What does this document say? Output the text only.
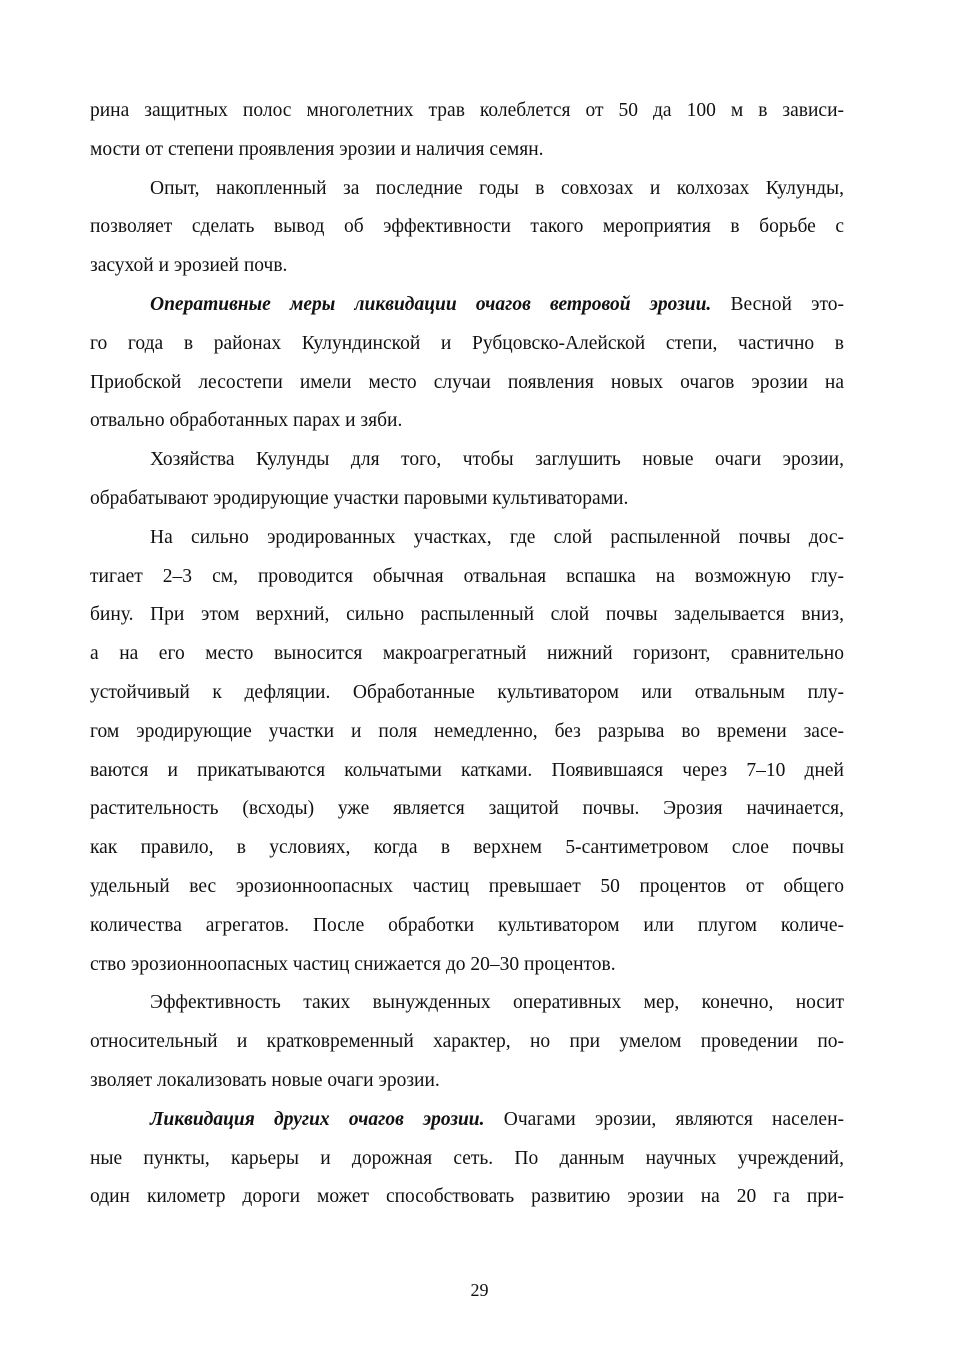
рина защитных полос многолетних трав колеблется от 50 да 100 м в зависи-
мости от степени проявления эрозии и наличия семян.
Опыт, накопленный за последние годы в совхозах и колхозах Кулунды,
позволяет сделать вывод об эффективности такого мероприятия в борьбе с
засухой и эрозией почв.
Оперативные меры ликвидации очагов ветровой эрозии. Весной это-
го года в районах Кулундинской и Рубцовско-Алейской степи, частично в
Приобской лесостепи имели место случаи появления новых очагов эрозии на
отвально обработанных парах и зяби.
Хозяйства Кулунды для того, чтобы заглушить новые очаги эрозии,
обрабатывают эродирующие участки паровыми культиваторами.
На сильно эродированных участках, где слой распыленной почвы дос-
тигает 2–3 см, проводится обычная отвальная вспашка на возможную глу-
бину. При этом верхний, сильно распыленный слой почвы заделывается вниз,
а на его место выносится макроагрегатный нижний горизонт, сравнительно
устойчивый к дефляции. Обработанные культиватором или отвальным плу-
гом эродирующие участки и поля немедленно, без разрыва во времени засе-
ваются и прикатываются кольчатыми катками. Появившаяся через 7–10 дней
растительность (всходы) уже является защитой почвы. Эрозия начинается,
как правило, в условиях, когда в верхнем 5-сантиметровом слое почвы
удельный вес эрозионноопасных частиц превышает 50 процентов от общего
количества агрегатов. После обработки культиватором или плугом количе-
ство эрозионноопасных частиц снижается до 20–30 процентов.
Эффективность таких вынужденных оперативных мер, конечно, носит
относительный и кратковременный характер, но при умелом проведении по-
зволяет локализовать новые очаги эрозии.
Ликвидация других очагов эрозии. Очагами эрозии, являются населен-
ные пункты, карьеры и дорожная сеть. По данным научных учреждений,
один километр дороги может способствовать развитию эрозии на 20 га при-
29
